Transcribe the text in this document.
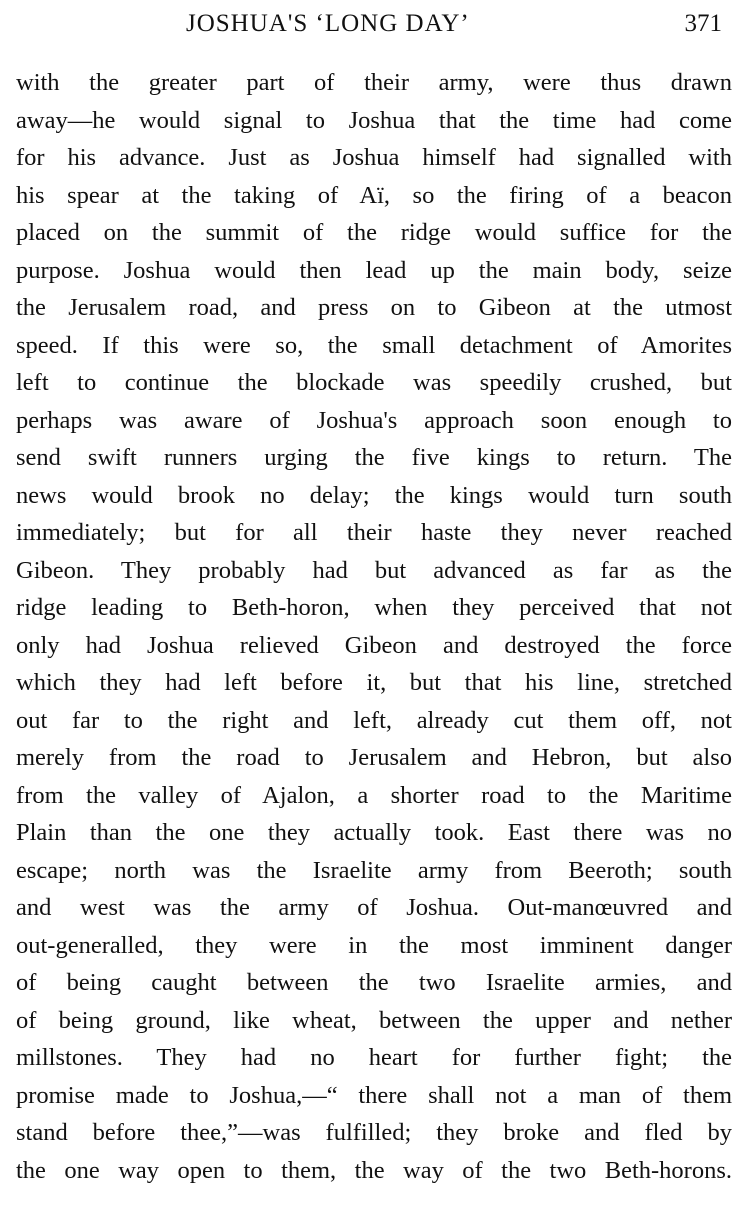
JOSHUA'S ‘LONG DAY’	371
with the greater part of their army, were thus drawn
away—he would signal to Joshua that the time had come
for his advance. Just as Joshua himself had signalled with
his spear at the taking of Aï, so the firing of a beacon
placed on the summit of the ridge would suffice for the
purpose. Joshua would then lead up the main body, seize
the Jerusalem road, and press on to Gibeon at the utmost
speed. If this were so, the small detachment of Amorites
left to continue the blockade was speedily crushed, but
perhaps was aware of Joshua's approach soon enough to
send swift runners urging the five kings to return. The
news would brook no delay; the kings would turn south
immediately; but for all their haste they never reached
Gibeon. They probably had but advanced as far as the
ridge leading to Beth-horon, when they perceived that not
only had Joshua relieved Gibeon and destroyed the force
which they had left before it, but that his line, stretched
out far to the right and left, already cut them off, not
merely from the road to Jerusalem and Hebron, but also
from the valley of Ajalon, a shorter road to the Maritime
Plain than the one they actually took. East there was no
escape; north was the Israelite army from Beeroth; south
and west was the army of Joshua. Out-manœuvred and
out-generalled, they were in the most imminent danger
of being caught between the two Israelite armies, and
of being ground, like wheat, between the upper and nether
millstones. They had no heart for further fight; the
promise made to Joshua,—“ there shall not a man of them
stand before thee,”—was fulfilled; they broke and fled by
the one way open to them, the way of the two Beth-horons.
